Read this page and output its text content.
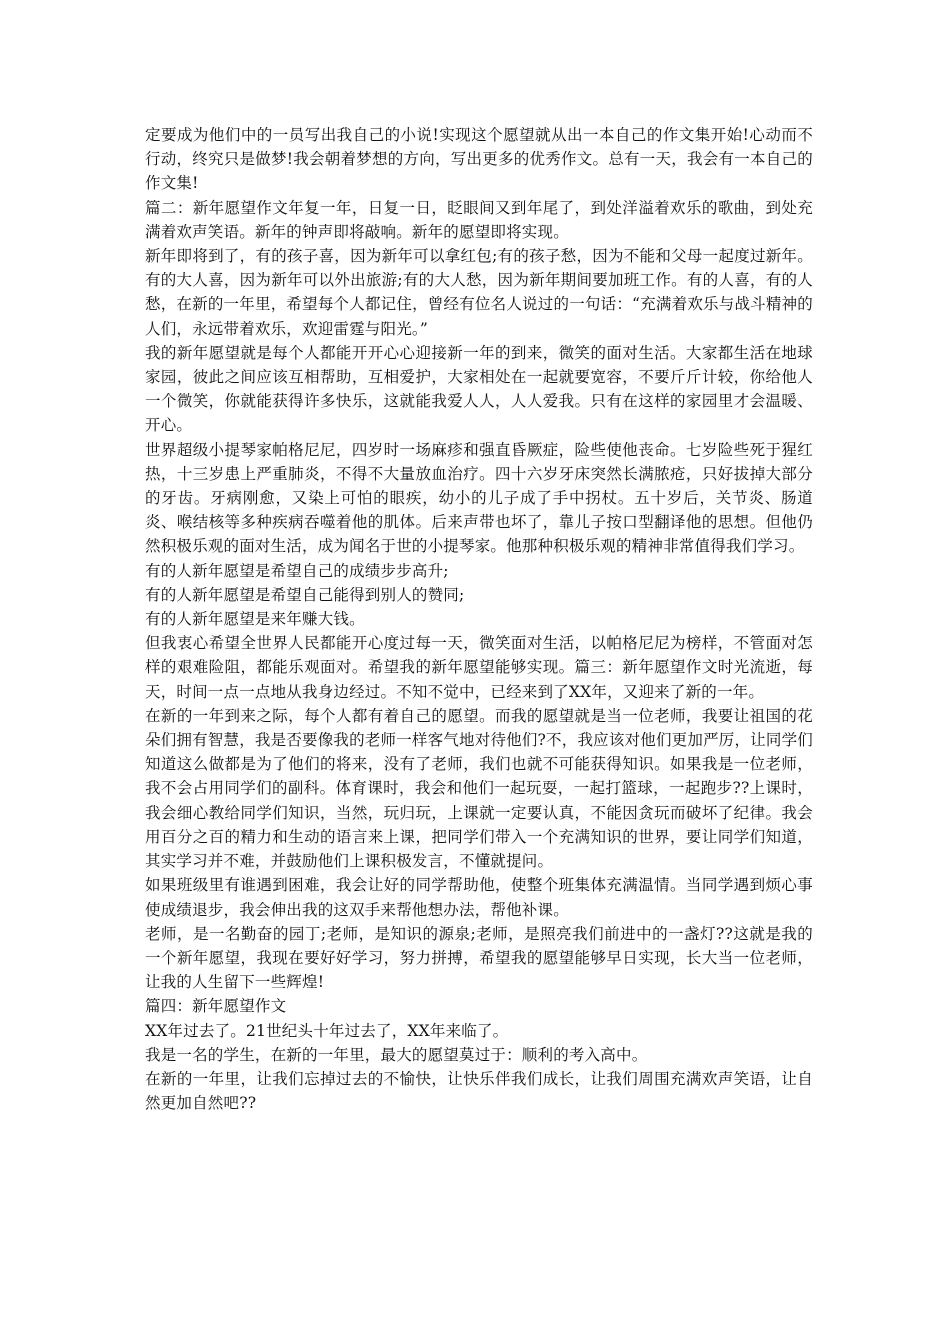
定要成为他们中的一员写出我自己的小说!实现这个愿望就从出一本自己的作文集开始!心动而不行动，终究只是做梦!我会朝着梦想的方向，写出更多的优秀作文。总有一天，我会有一本自己的作文集!

篇二：新年愿望作文年复一年，日复一日，眨眼间又到年尾了，到处洋溢着欢乐的歌曲，到处充满着欢声笑语。新年的钟声即将敲响。新年的愿望即将实现。

新年即将到了，有的孩子喜，因为新年可以拿红包;有的孩子愁，因为不能和父母一起度过新年。有的大人喜，因为新年可以外出旅游;有的大人愁，因为新年期间要加班工作。有的人喜，有的人愁，在新的一年里，希望每个人都记住，曾经有位名人说过的一句话：“充满着欢乐与战斗精神的人们，永远带着欢乐，欢迎雷霆与阳光。”

我的新年愿望就是每个人都能开开心心迎接新一年的到来，微笑的面对生活。大家都生活在地球家园，彼此之间应该互相帮助，互相爱护，大家相处在一起就要宽容，不要斤斤计较，你给他人一个微笑，你就能获得许多快乐，这就能我爱人人，人人爱我。只有在这样的家园里才会温暖、开心。

世界超级小提琴家帕格尼尼，四岁时一场麻疹和强直昏厥症，险些使他丧命。七岁险些死于猩红热，十三岁患上严重肺炎，不得不大量放血治疗。四十六岁牙床突然长满脓疮，只好拔掉大部分的牙齿。牙病刚愈，又染上可怕的眼疾，幼小的儿子成了手中拐杖。五十岁后，关节炎、肠道炎、喉结核等多种疾病吞噬着他的肌体。后来声带也坏了，靠儿子按口型翻译他的思想。但他仍然积极乐观的面对生活，成为闻名于世的小提琴家。他那种积极乐观的精神非常值得我们学习。

有的人新年愿望是希望自己的成绩步步高升;

有的人新年愿望是希望自己能得到别人的赞同;

有的人新年愿望是来年赚大钱。

但我衷心希望全世界人民都能开心度过每一天，微笑面对生活，以帕格尼尼为榜样，不管面对怎样的艰难险阻，都能乐观面对。希望我的新年愿望能够实现。篇三：新年愿望作文时光流逝，每天，时间一点一点地从我身边经过。不知不觉中，已经来到了XX年，又迎来了新的一年。

在新的一年到来之际，每个人都有着自己的愿望。而我的愿望就是当一位老师，我要让祖国的花朵们拥有智慧，我是否要像我的老师一样客气地对待他们?不，我应该对他们更加严厉，让同学们知道这么做都是为了他们的将来，没有了老师，我们也就不可能获得知识。如果我是一位老师，我不会占用同学们的副科。体育课时，我会和他们一起玩耍，一起打篮球，一起跑步??上课时，我会细心教给同学们知识，当然，玩归玩，上课就一定要认真，不能因贪玩而破坏了纪律。我会用百分之百的精力和生动的语言来上课，把同学们带入一个充满知识的世界，要让同学们知道，其实学习并不难，并鼓励他们上课积极发言，不懂就提问。

如果班级里有谁遇到困难，我会让好的同学帮助他，使整个班集体充满温情。当同学遇到烦心事使成绩退步，我会伸出我的这双手来帮他想办法，帮他补课。

老师，是一名勤奋的园丁;老师，是知识的源泉;老师，是照亮我们前进中的一盏灯??这就是我的一个新年愿望，我现在要好好学习，努力拼搏，希望我的愿望能够早日实现，长大当一位老师，让我的人生留下一些辉煌!

篇四：新年愿望作文

XX年过去了。21世纪头十年过去了，XX年来临了。

我是一名的学生，在新的一年里，最大的愿望莫过于：顺利的考入高中。

在新的一年里，让我们忘掉过去的不愉快，让快乐伴我们成长，让我们周围充满欢声笑语，让自然更加自然吧??
